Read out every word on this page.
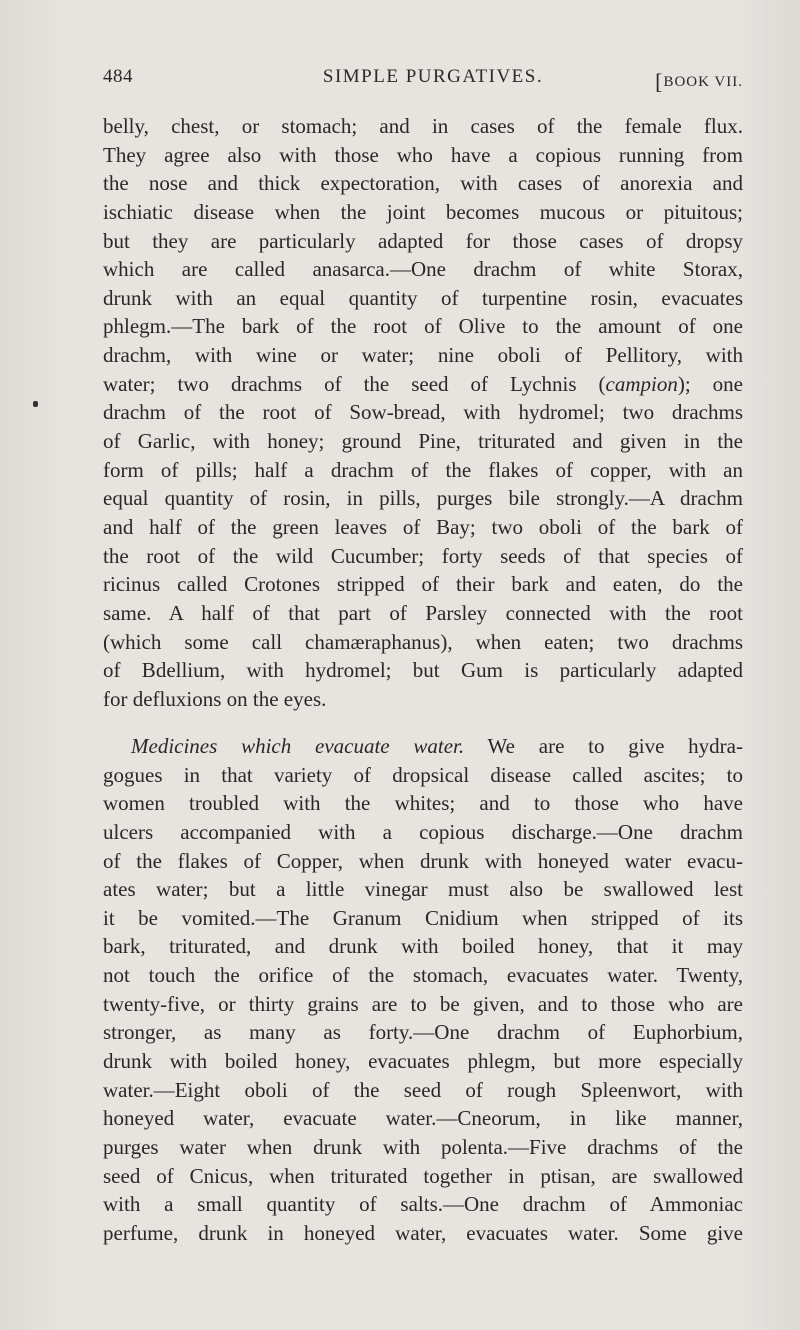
484	SIMPLE PURGATIVES.	[BOOK VII.
belly, chest, or stomach; and in cases of the female flux.
They agree also with those who have a copious running from
the nose and thick expectoration, with cases of anorexia and
ischiatic disease when the joint becomes mucous or pituitous;
but they are particularly adapted for those cases of dropsy
which are called anasarca.—One drachm of white Storax,
drunk with an equal quantity of turpentine rosin, evacuates
phlegm.—The bark of the root of Olive to the amount of one
drachm, with wine or water; nine oboli of Pellitory, with
water; two drachms of the seed of Lychnis (campion); one
drachm of the root of Sow-bread, with hydromel; two drachms
of Garlic, with honey; ground Pine, triturated and given in the
form of pills; half a drachm of the flakes of copper, with an
equal quantity of rosin, in pills, purges bile strongly.—A drachm
and half of the green leaves of Bay; two oboli of the bark of
the root of the wild Cucumber; forty seeds of that species of
ricinus called Crotones stripped of their bark and eaten, do the
same. A half of that part of Parsley connected with the root
(which some call chamæraphanus), when eaten; two drachms
of Bdellium, with hydromel; but Gum is particularly adapted
for defluxions on the eyes.
Medicines which evacuate water. We are to give hydra-
gogues in that variety of dropsical disease called ascites; to
women troubled with the whites; and to those who have
ulcers accompanied with a copious discharge.—One drachm
of the flakes of Copper, when drunk with honeyed water evacu-
ates water; but a little vinegar must also be swallowed lest
it be vomited.—The Granum Cnidium when stripped of its
bark, triturated, and drunk with boiled honey, that it may
not touch the orifice of the stomach, evacuates water. Twenty,
twenty-five, or thirty grains are to be given, and to those who are
stronger, as many as forty.—One drachm of Euphorbium,
drunk with boiled honey, evacuates phlegm, but more especially
water.—Eight oboli of the seed of rough Spleenwort, with
honeyed water, evacuate water.—Cneorum, in like manner,
purges water when drunk with polenta.—Five drachms of the
seed of Cnicus, when triturated together in ptisan, are swallowed
with a small quantity of salts.—One drachm of Ammoniac
perfume, drunk in honeyed water, evacuates water. Some give
